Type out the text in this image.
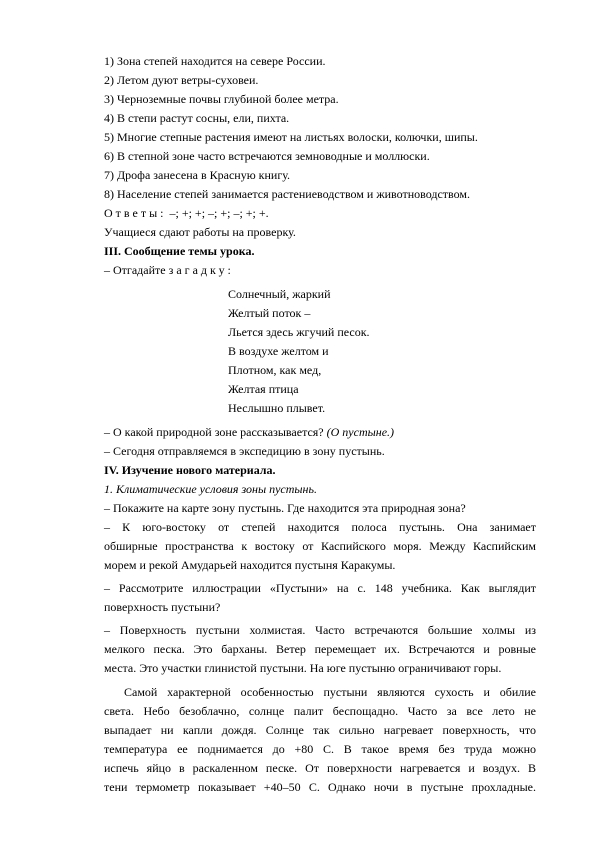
1) Зона степей находится на севере России.
2) Летом дуют ветры-суховеи.
3) Черноземные почвы глубиной более метра.
4) В степи растут сосны, ели, пихта.
5) Многие степные растения имеют на листьях волоски, колючки, шипы.
6) В степной зоне часто встречаются земноводные и моллюски.
7) Дрофа занесена в Красную книгу.
8) Население степей занимается растениеводством и животноводством.
Ответы: –; +; +; –; +; –; +; +.
Учащиеся сдают работы на проверку.
III. Сообщение темы урока.
– Отгадайте загадку:
Солнечный, жаркий
Желтый поток –
Льется здесь жгучий песок.
В воздухе желтом и
Плотном, как мед,
Желтая птица
Неслышно плывет.
– О какой природной зоне рассказывается? (О пустыне.)
– Сегодня отправляемся в экспедицию в зону пустынь.
IV. Изучение нового материала.
1. Климатические условия зоны пустынь.
– Покажите на карте зону пустынь. Где находится эта природная зона?
– К юго-востоку от степей находится полоса пустынь. Она занимает
обширные пространства к востоку от Каспийского моря. Между Каспийским
морем и рекой Амударьей находится пустыня Каракумы.
– Рассмотрите иллюстрации «Пустыни» на с. 148 учебника. Как выглядит
поверхность пустыни?
– Поверхность пустыни холмистая. Часто встречаются большие холмы из
мелкого песка. Это барханы. Ветер перемещает их. Встречаются и ровные
места. Это участки глинистой пустыни. На юге пустыню ограничивают горы.
Самой характерной особенностью пустыни являются сухость и обилие
света. Небо безоблачно, солнце палит беспощадно. Часто за все лето не
выпадает ни капли дождя. Солнце так сильно нагревает поверхность, что
температура ее поднимается до +80 С. В такое время без труда можно
испечь яйцо в раскаленном песке. От поверхности нагревается и воздух. В
тени термометр показывает +40–50 С. Однако ночи в пустыне прохладные.
